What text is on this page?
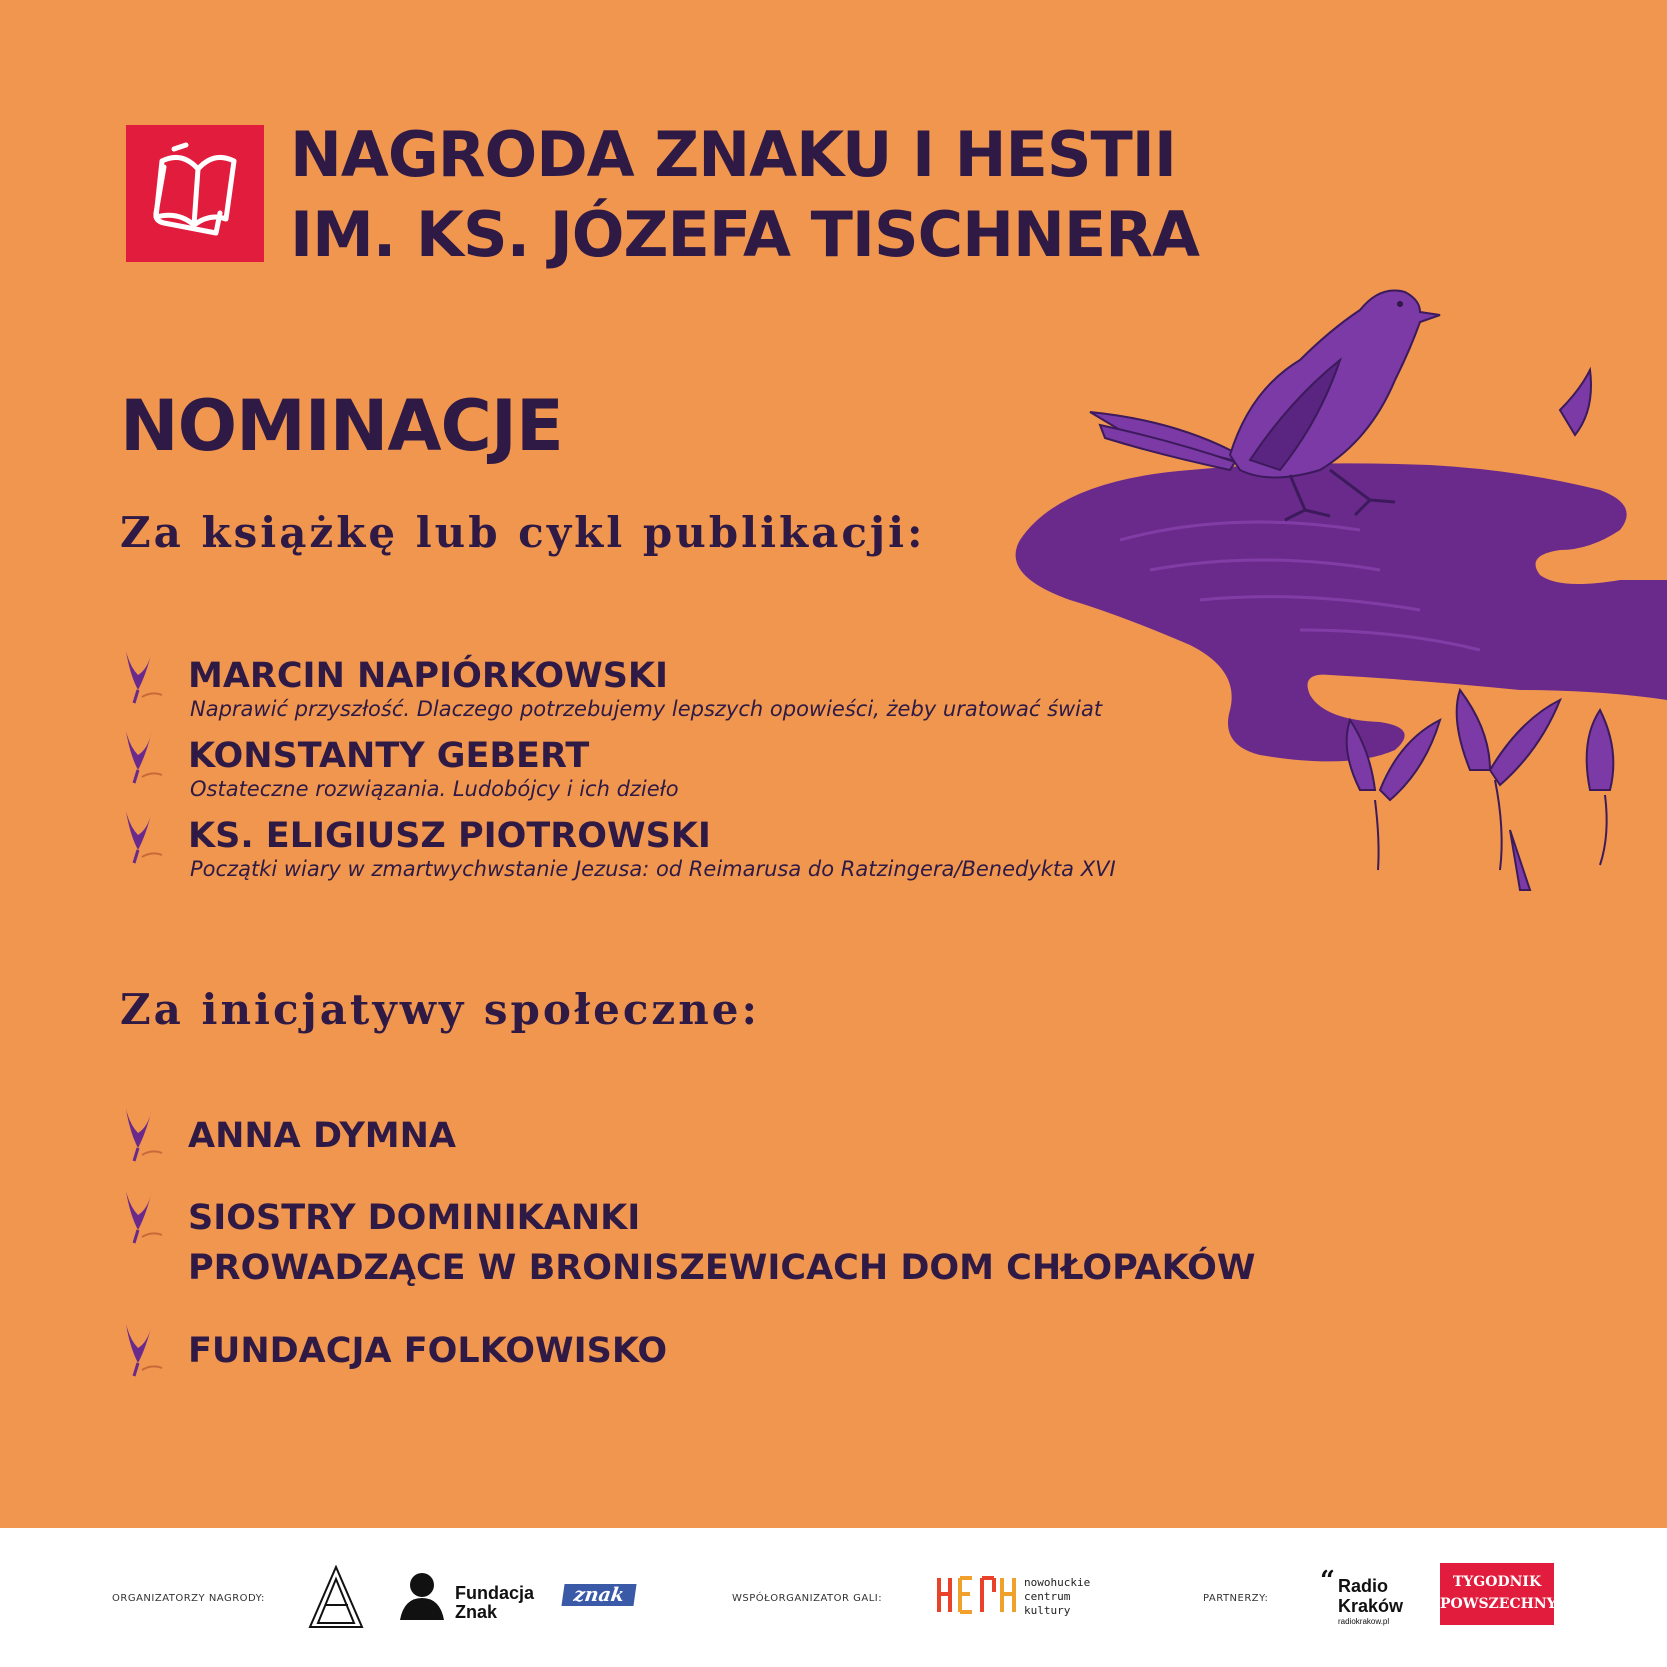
NAGRODA ZNAKU I HESTII
IM. KS. JÓZEFA TISCHNERA
NOMINACJE
Za książkę lub cykl publikacji:
MARCIN NAPIÓRKOWSKI
Naprawić przyszłość. Dlaczego potrzebujemy lepszych opowieści, żeby uratować świat
KONSTANTY GEBERT
Ostateczne rozwiązania. Ludobójcy i ich dzieło
KS. ELIGIUSZ PIOTROWSKI
Początki wiary w zmartwychwstanie Jezusa: od Reimarusa do Ratzingera/Benedykta XVI
Za inicjatywy społeczne:
ANNA DYMNA
SIOSTRY DOMINIKANKI
PROWADZĄCE W BRONISZEWICACH DOM CHŁOPAKÓW
FUNDACJA FOLKOWISKO
ORGANIZATORZY NAGRODY:	Fundacja
Znak
znak	WSPÓŁORGANIZATOR GALI:
nowohuckie
centrum
kultury
PARTNERZY:
“ Radio
Kraków
radiokrakow.pl
TYGODNIK
POWSZECHNY
